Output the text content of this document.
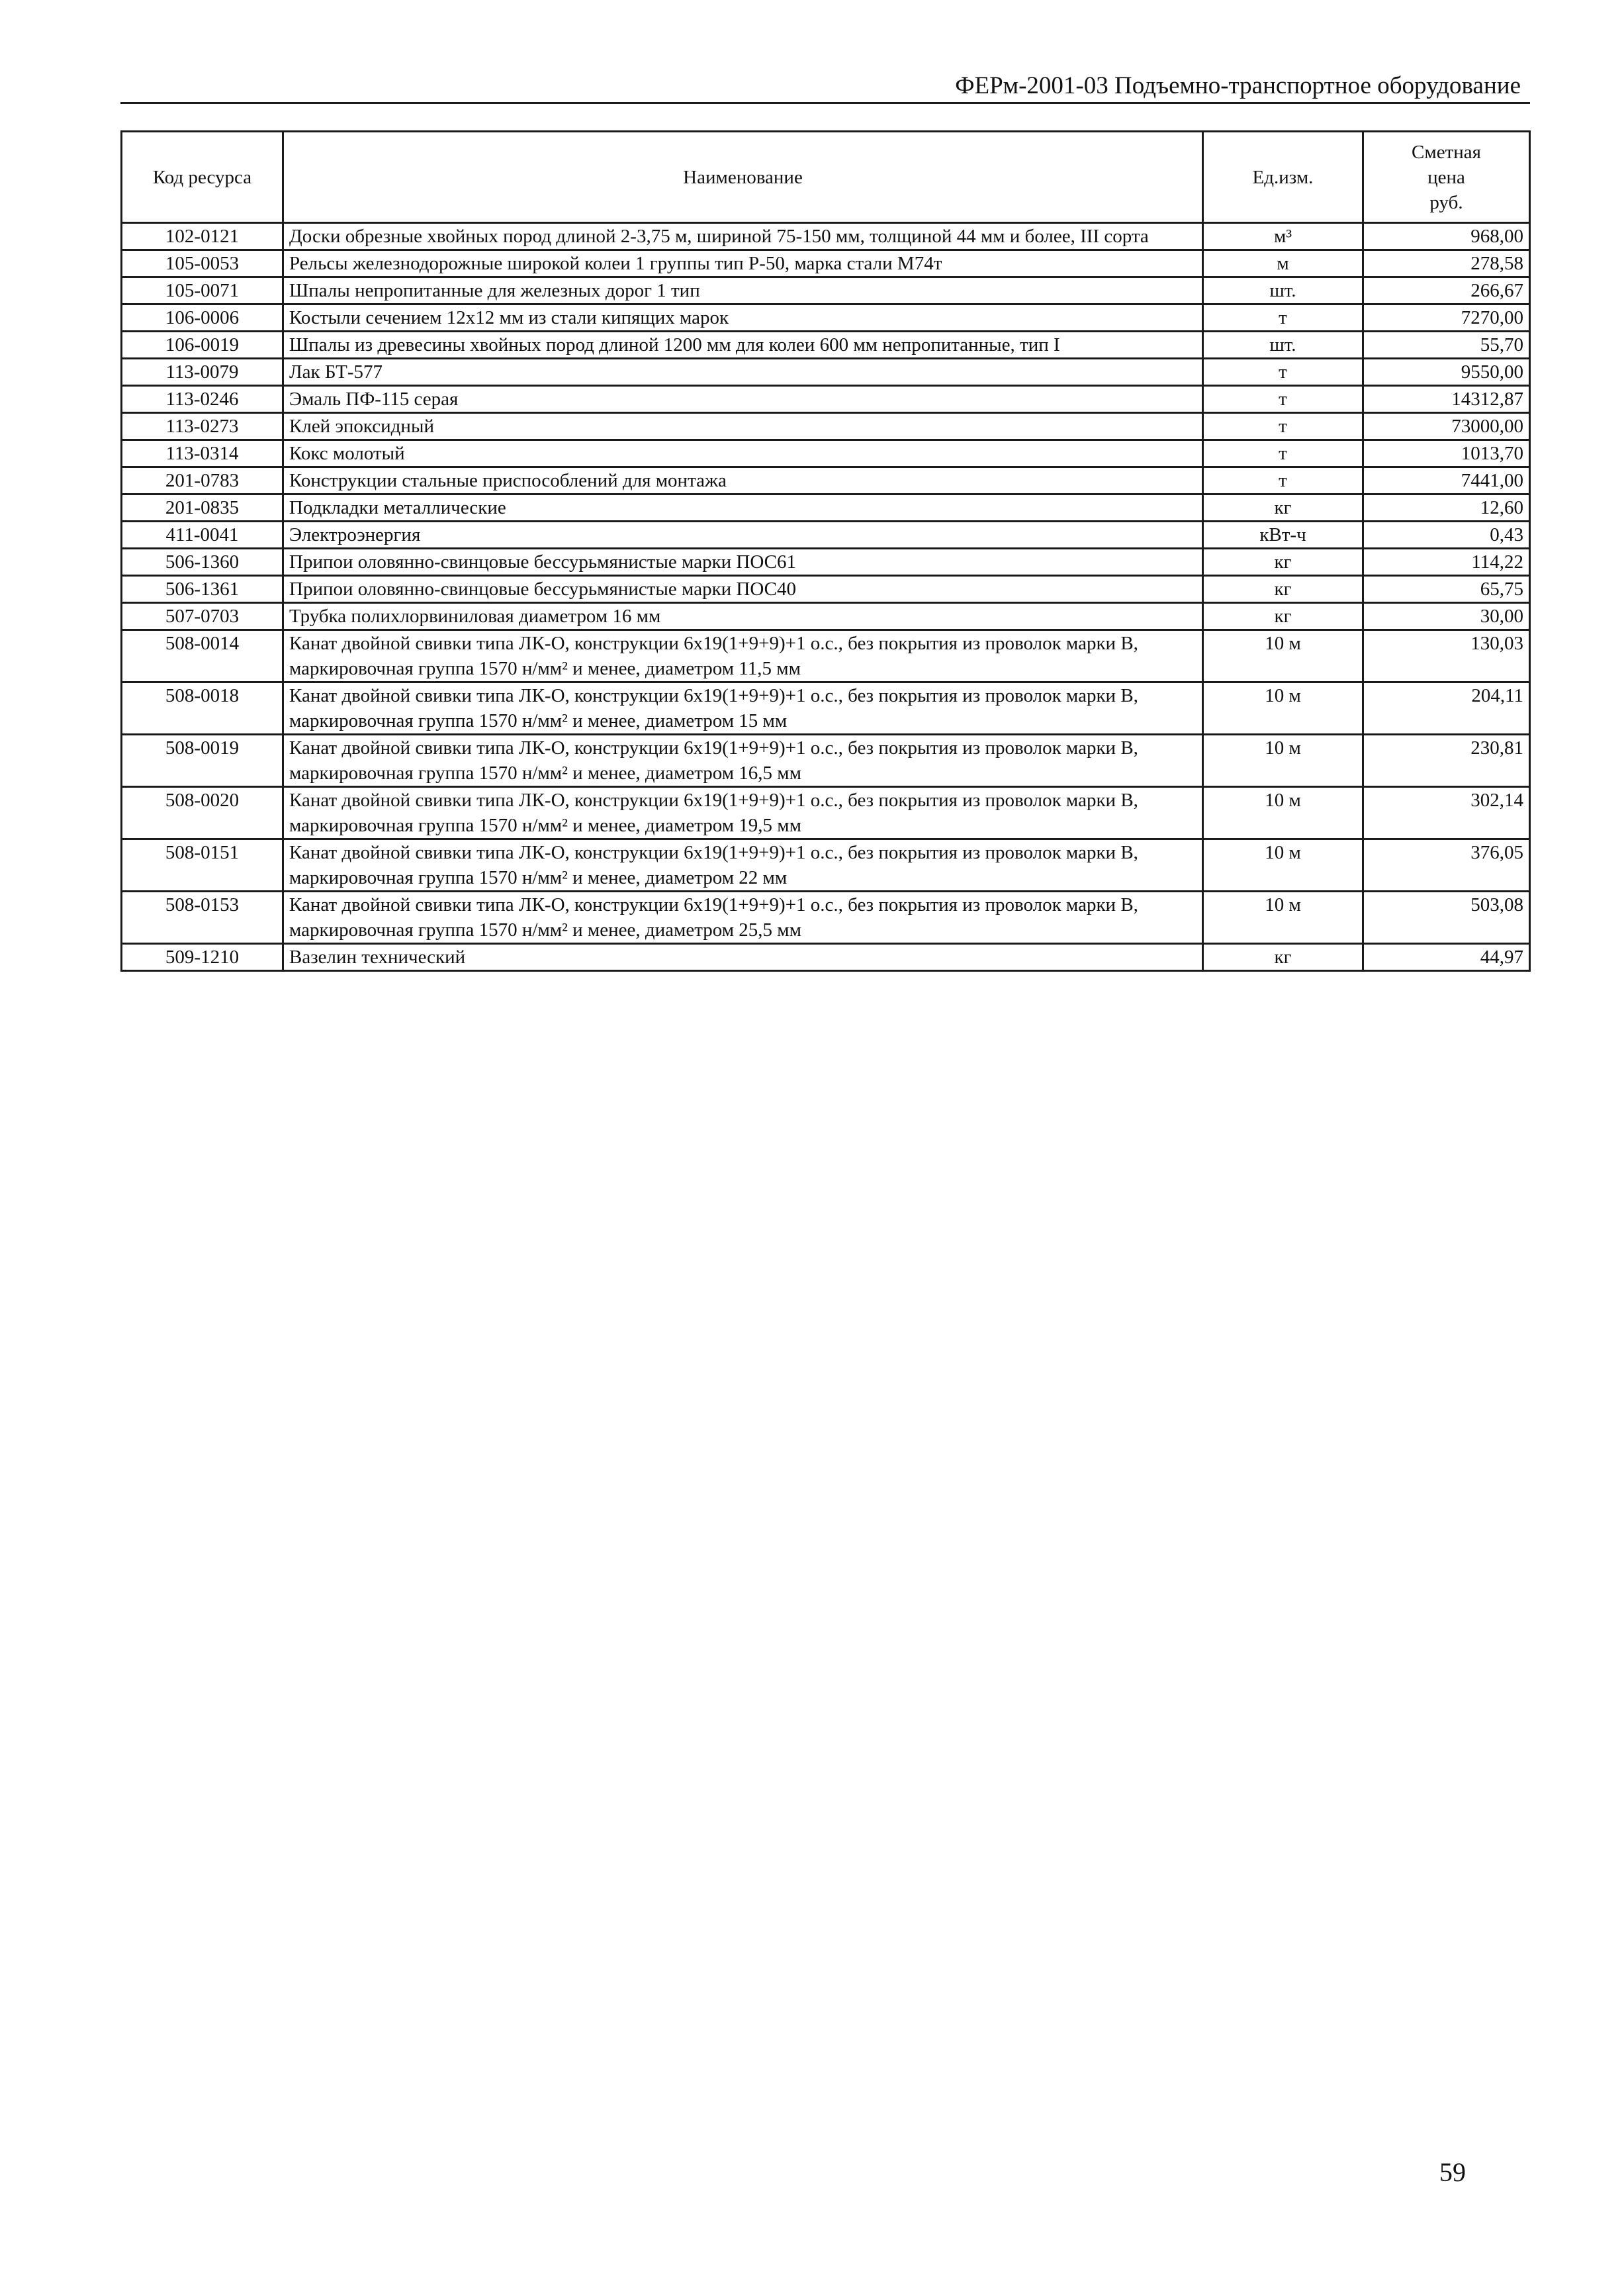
ФЕРм-2001-03 Подъемно-транспортное оборудование
Код ресурса	Наименование	Ед.изм.	Сметная
цена
руб.

102-0121	Доски обрезные хвойных пород длиной 2-3,75 м, шириной 75-150 мм, толщиной 44 мм и более, III сорта	м³	968,00
105-0053	Рельсы железнодорожные широкой колеи 1 группы тип Р-50, марка стали М74т	м	278,58
105-0071	Шпалы непропитанные для железных дорог 1 тип	шт.	266,67
106-0006	Костыли сечением 12х12 мм из стали кипящих марок	т	7270,00
106-0019	Шпалы из древесины хвойных пород длиной 1200 мм для колеи 600 мм непропитанные, тип I	шт.	55,70
113-0079	Лак БТ-577	т	9550,00
113-0246	Эмаль ПФ-115 серая	т	14312,87
113-0273	Клей эпоксидный	т	73000,00
113-0314	Кокс молотый	т	1013,70
201-0783	Конструкции стальные приспособлений для монтажа	т	7441,00
201-0835	Подкладки металлические	кг	12,60
411-0041	Электроэнергия	кВт-ч	0,43
506-1360	Припои оловянно-свинцовые бессурьмянистые марки ПОС61	кг	114,22
506-1361	Припои оловянно-свинцовые бессурьмянистые марки ПОС40	кг	65,75
507-0703	Трубка полихлорвиниловая диаметром 16 мм	кг	30,00
508-0014	Канат двойной свивки типа ЛК-О, конструкции 6х19(1+9+9)+1 о.с., без покрытия из проволок марки В, маркировочная группа 1570 н/мм² и менее, диаметром 11,5 мм	10 м	130,03
508-0018	Канат двойной свивки типа ЛК-О, конструкции 6х19(1+9+9)+1 о.с., без покрытия из проволок марки В, маркировочная группа 1570 н/мм² и менее, диаметром 15 мм	10 м	204,11
508-0019	Канат двойной свивки типа ЛК-О, конструкции 6х19(1+9+9)+1 о.с., без покрытия из проволок марки В, маркировочная группа 1570 н/мм² и менее, диаметром 16,5 мм	10 м	230,81
508-0020	Канат двойной свивки типа ЛК-О, конструкции 6х19(1+9+9)+1 о.с., без покрытия из проволок марки В, маркировочная группа 1570 н/мм² и менее, диаметром 19,5 мм	10 м	302,14
508-0151	Канат двойной свивки типа ЛК-О, конструкции 6х19(1+9+9)+1 о.с., без покрытия из проволок марки В, маркировочная группа 1570 н/мм² и менее, диаметром 22 мм	10 м	376,05
508-0153	Канат двойной свивки типа ЛК-О, конструкции 6х19(1+9+9)+1 о.с., без покрытия из проволок марки В, маркировочная группа 1570 н/мм² и менее, диаметром 25,5 мм	10 м	503,08
509-1210	Вазелин технический	кг	44,97
59
